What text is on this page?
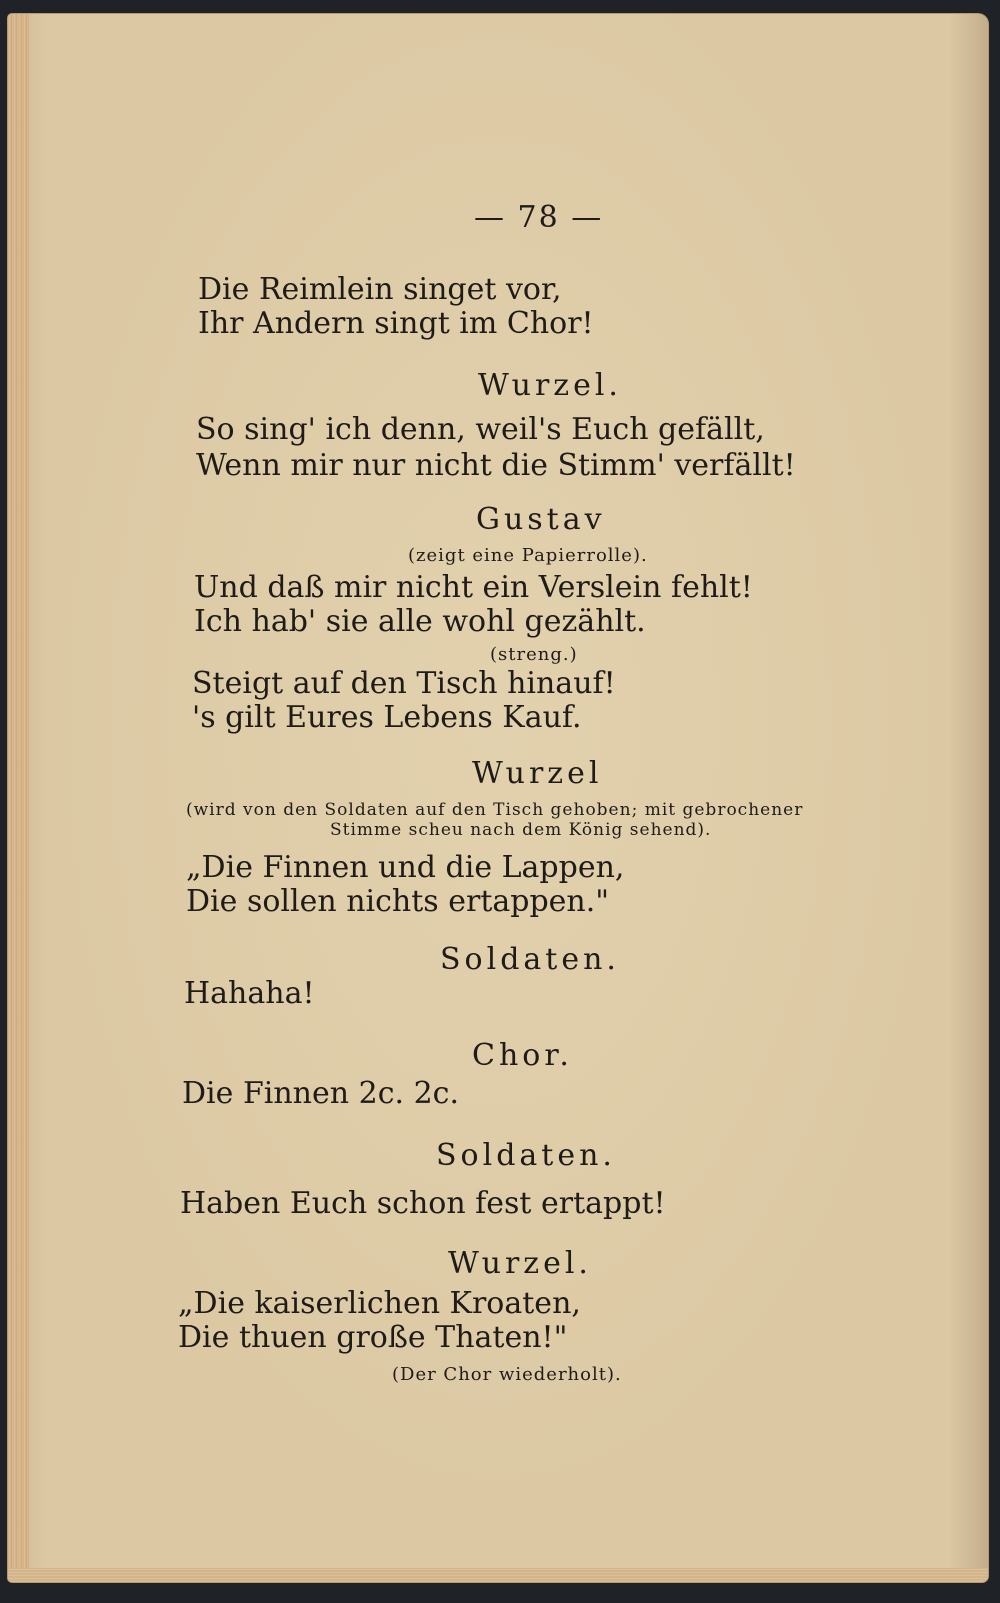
— 78 —
Die Reimlein singet vor,
Ihr Andern singt im Chor!
Wurzel.
So sing' ich denn, weil's Euch gefällt,
Wenn mir nur nicht die Stimm' verfällt!
Gustav
(zeigt eine Papierrolle).
Und daß mir nicht ein Verslein fehlt!
Ich hab' sie alle wohl gezählt.
(streng.)
Steigt auf den Tisch hinauf!
's gilt Eures Lebens Kauf.
Wurzel
(wird von den Soldaten auf den Tisch gehoben; mit gebrochener
Stimme scheu nach dem König sehend).
„Die Finnen und die Lappen,
Die sollen nichts ertappen."
Soldaten.
Hahaha!
Chor.
Die Finnen 2c. 2c.
Soldaten.
Haben Euch schon fest ertappt!
Wurzel.
„Die kaiserlichen Kroaten,
Die thuen große Thaten!"
(Der Chor wiederholt).
